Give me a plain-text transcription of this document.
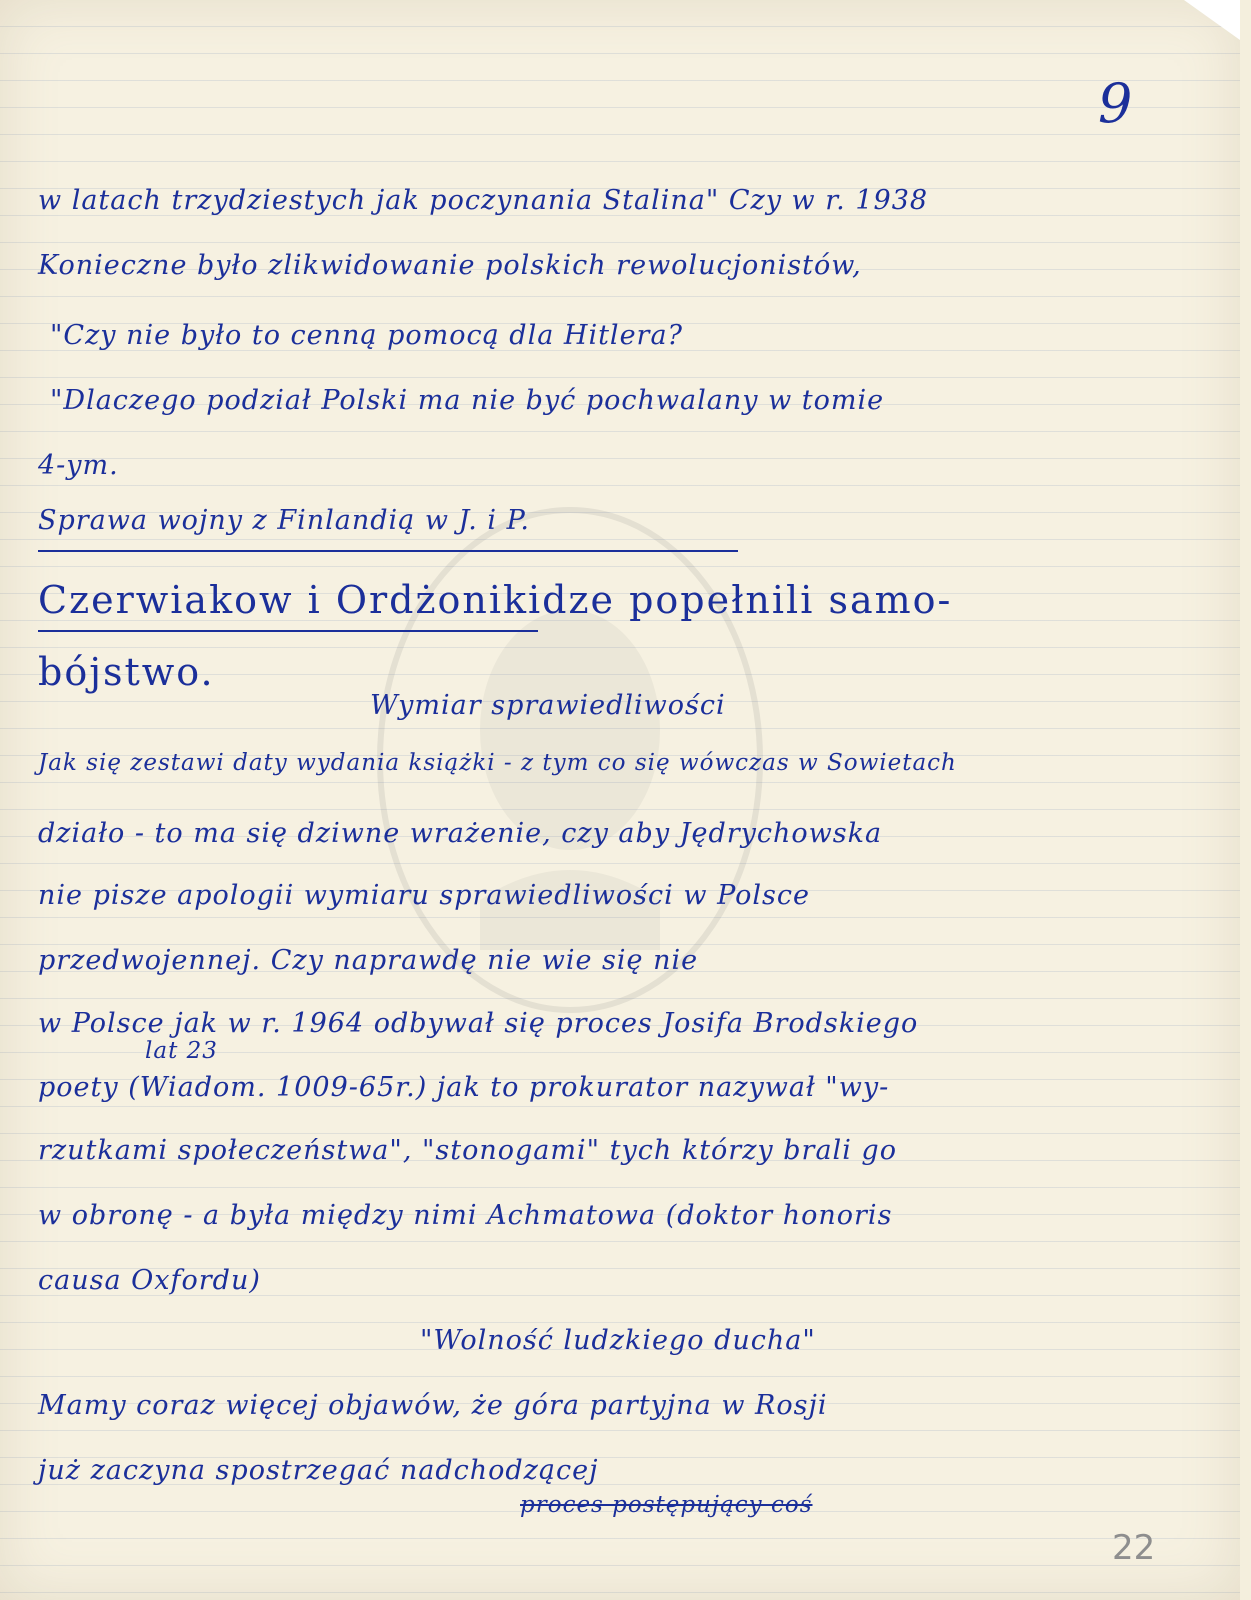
9
w latach trzydziestych jak poczynania Stalina" Czy w r. 1938
Konieczne było zlikwidowanie polskich rewolucjonistów,
"Czy nie było to cenną pomocą dla Hitlera?
"Dlaczego podział Polski ma nie być pochwalany w tomie
4-ym.
Sprawa wojny z Finlandią w J. i P.
Czerwiakow i Ordżonikidze popełnili samo-
bójstwo.
Wymiar sprawiedliwości
Jak się zestawi daty wydania książki - z tym co się wówczas w Sowietach
działo - to ma się dziwne wrażenie, czy aby Jędrychowska
nie pisze apologii wymiaru sprawiedliwości w Polsce
przedwojennej. Czy naprawdę nie wie się nie
lat 23
w Polsce jak w r. 1964 odbywał się proces Josifa Brodskiego
poety (Wiadom. 1009-65r.) jak to prokurator nazywał "wy-
rzutkami społeczeństwa", "stonogami" tych którzy brali go
w obronę - a była między nimi Achmatowa (doktor honoris
causa Oxfordu)
"Wolność ludzkiego ducha"
Mamy coraz więcej objawów, że góra partyjna w Rosji
już zaczyna spostrzegać nadchodzącej
proces postępujący coś
22
